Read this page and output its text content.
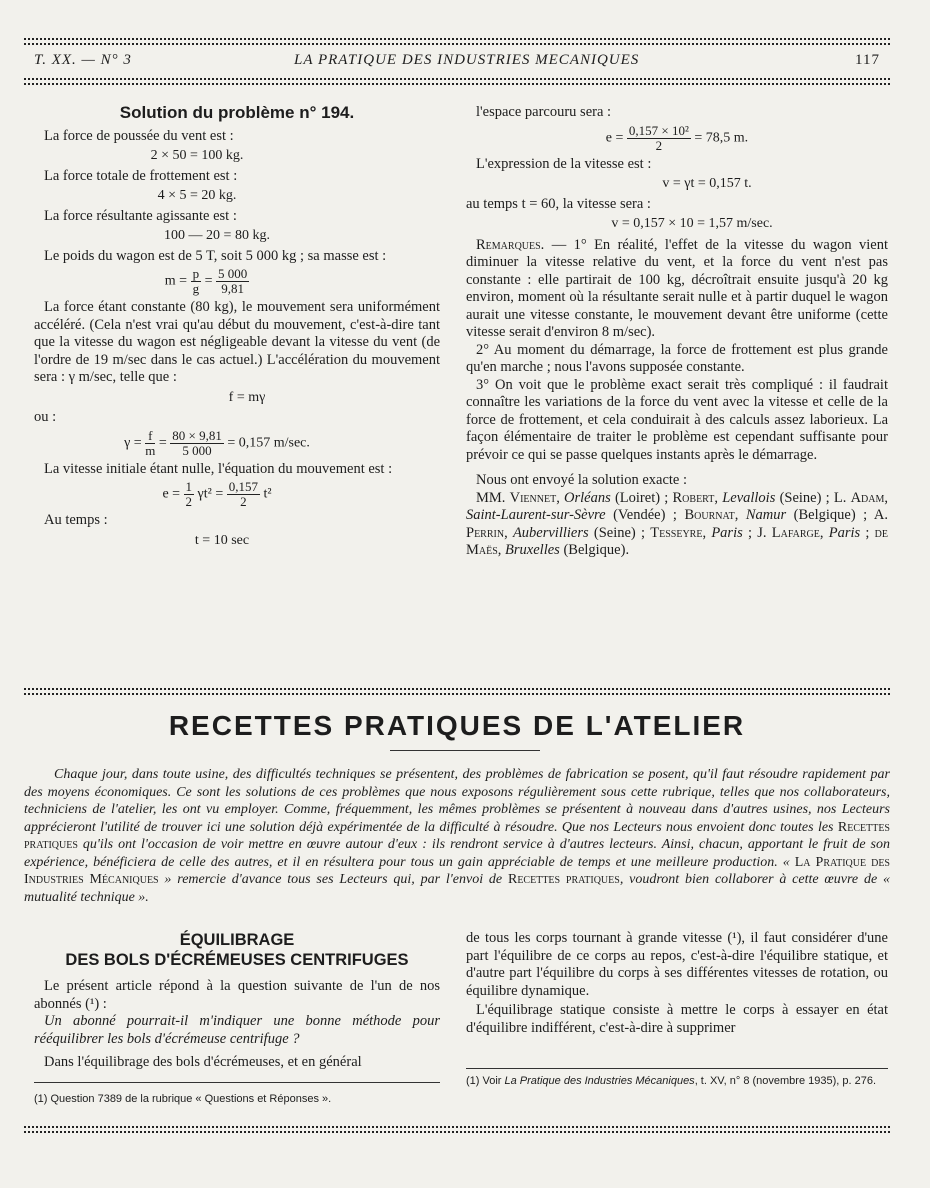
T. XX. — N° 3	LA PRATIQUE DES INDUSTRIES MECANIQUES	117
Solution du problème n° 194.

La force de poussée du vent est :

2 × 50 = 100 kg.

La force totale de frottement est :

4 × 5 = 20 kg.

La force résultante agissante est :

100 — 20 = 80 kg.

Le poids du wagon est de 5 T, soit 5 000 kg ; sa masse est :

$m = \frac{p}{g} = \frac{5 000}{9,81}$

La force étant constante (80 kg), le mouvement sera uniformément accéléré. (Cela n'est vrai qu'au début du mouvement, c'est-à-dire tant que la vitesse du wagon est négligeable devant la vitesse du vent (de l'ordre de 19 m/sec dans le cas actuel.) L'accélération du mouvement sera : γ m/sec, telle que :

f = mγ

ou :

$\gamma = \frac{f}{m} = \frac{80 \times 9,81}{5 000} = 0,157$ m/sec.

La vitesse initiale étant nulle, l'équation du mouvement est :

$e = \frac{1}{2} \gamma t^2 = \frac{0,157}{2} t^2$

Au temps :

t = 10 sec

l'espace parcouru sera :

$e = \frac{\text{0,157 × 10²}}{2} = 78,5$ m.

L'expression de la vitesse est :

v = γt = 0,157 t.

au temps t = 60, la vitesse sera :

v = 0,157 × 10 = 1,57 m/sec.

Remarques. — 1° En réalité, l'effet de la vitesse du wagon vient diminuer la vitesse relative du vent, et la force du vent n'est pas constante : elle partirait de 100 kg, décroîtrait ensuite jusqu'à 20 kg environ, moment où la résultante serait nulle et à partir duquel le wagon aurait une vitesse constante, le mouvement devant être uniforme (cette vitesse serait d'environ 8 m/sec).

2° Au moment du démarrage, la force de frottement est plus grande qu'en marche ; nous l'avons supposée constante.

3° On voit que le problème exact serait très compliqué : il faudrait connaître les variations de la force du vent avec la vitesse et celle de la force de frottement, et cela conduirait à des calculs assez laborieux. La façon élémentaire de traiter le problème est cependant suffisante pour prévoir ce qui se passe quelques instants après le démarrage.

Nous ont envoyé la solution exacte :

MM. Viennet, Orléans (Loiret) ; Robert, Levallois (Seine) ; L. Adam, Saint-Laurent-sur-Sèvre (Vendée) ; Bournat, Namur (Belgique) ; A. Perrin, Aubervilliers (Seine) ; Tesseyre, Paris ; J. Lafarge, Paris ; de Maës, Bruxelles (Belgique).

RECETTES PRATIQUES DE L'ATELIER
Chaque jour, dans toute usine, des difficultés techniques se présentent, des problèmes de fabrication se posent, qu'il faut résoudre rapidement par des moyens économiques. Ce sont les solutions de ces problèmes que nous exposons régulièrement sous cette rubrique, telles que nos collaborateurs, techniciens de l'atelier, les ont vu employer. Comme, fréquemment, les mêmes problèmes se présentent à nouveau dans d'autres usines, nos Lecteurs apprécieront l'utilité de trouver ici une solution déjà expérimentée de la difficulté à résoudre. Que nos Lecteurs nous envoient donc toutes les Recettes pratiques qu'ils ont l'occasion de voir mettre en œuvre autour d'eux : ils rendront service à d'autres lecteurs. Ainsi, chacun, apportant le fruit de son expérience, bénéficiera de celle des autres, et il en résultera pour tous un gain appréciable de temps et une meilleure production. « La Pratique des Industries Mécaniques » remercie d'avance tous ses Lecteurs qui, par l'envoi de Recettes pratiques, voudront bien collaborer à cette œuvre de « mutualité technique ».
ÉQUILIBRAGE
DES BOLS D'ÉCRÉMEUSES CENTRIFUGES

Le présent article répond à la question suivante de l'un de nos abonnés (¹) :

Un abonné pourrait-il m'indiquer une bonne méthode pour rééquilibrer les bols d'écrémeuse centrifuge ?

Dans l'équilibrage des bols d'écrémeuses, et en général

de tous les corps tournant à grande vitesse (¹), il faut considérer d'une part l'équilibre de ce corps au repos, c'est-à-dire l'équilibre statique, et d'autre part l'équilibre du corps à ses différentes vitesses de rotation, ou équilibre dynamique.

L'équilibrage statique consiste à mettre le corps à essayer en état d'équilibre indifférent, c'est-à-dire à supprimer

(1) Question 7389 de la rubrique « Questions et Réponses ».
(1) Voir La Pratique des Industries Mécaniques, t. XV, n° 8 (novembre 1935), p. 276.
